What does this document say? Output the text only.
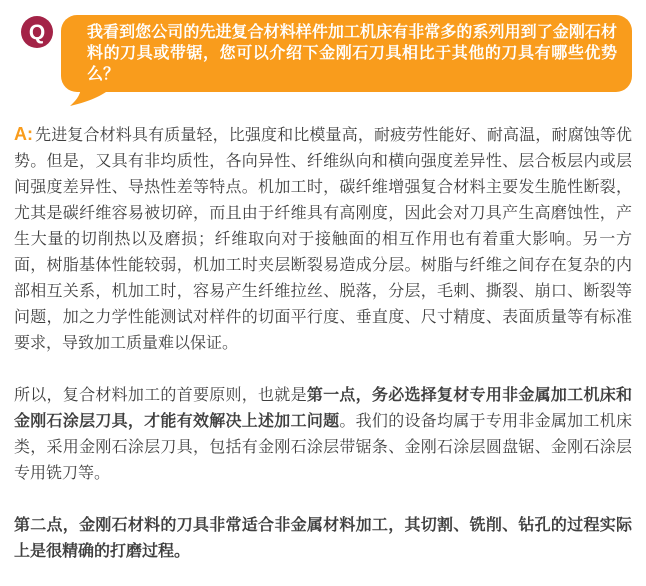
Q	我看到您公司的先进复合材料样件加工机床有非常多的系列用到了金刚石材料的刀具或带锯，您可以介绍下金刚石刀具相比于其他的刀具有哪些优势么？

A: 先进复合材料具有质量轻，比强度和比模量高，耐疲劳性能好、耐高温，耐腐蚀等优势。但是，又具有非均质性，各向异性、纤维纵向和横向强度差异性、层合板层内或层间强度差异性、导热性差等特点。机加工时，碳纤维增强复合材料主要发生脆性断裂，尤其是碳纤维容易被切碎，而且由于纤维具有高刚度，因此会对刀具产生高磨蚀性，产生大量的切削热以及磨损；纤维取向对于接触面的相互作用也有着重大影响。另一方面，树脂基体性能较弱，机加工时夹层断裂易造成分层。树脂与纤维之间存在复杂的内部相互关系，机加工时，容易产生纤维拉丝、脱落，分层，毛刺、撕裂、崩口、断裂等问题，加之力学性能测试对样件的切面平行度、垂直度、尺寸精度、表面质量等有标准要求，导致加工质量难以保证。

所以，复合材料加工的首要原则，也就是第一点，务必选择复材专用非金属加工机床和金刚石涂层刀具，才能有效解决上述加工问题。我们的设备均属于专用非金属加工机床类，采用金刚石涂层刀具，包括有金刚石涂层带锯条、金刚石涂层圆盘锯、金刚石涂层专用铣刀等。

第二点，金刚石材料的刀具非常适合非金属材料加工，其切割、铣削、钻孔的过程实际上是很精确的打磨过程。
